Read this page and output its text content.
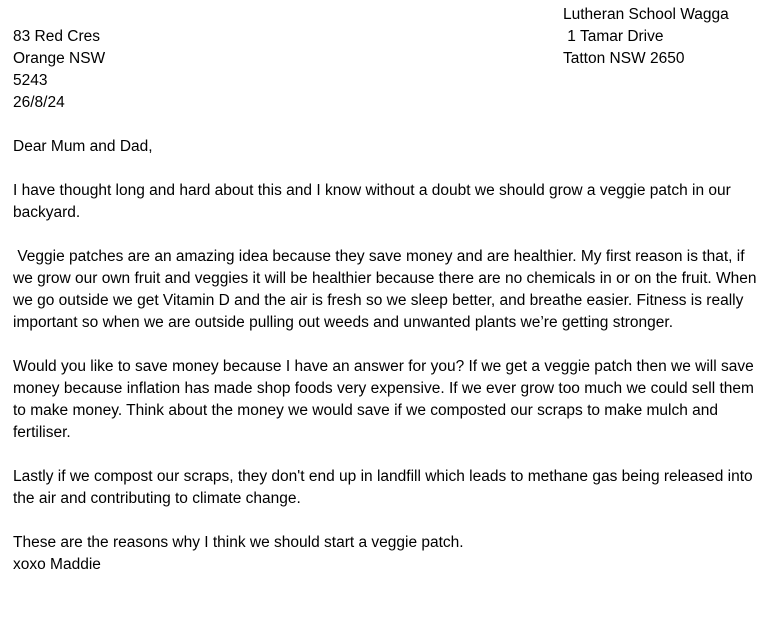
Lutheran School Wagga
1 Tamar Drive
Tatton NSW 2650
83 Red Cres
Orange NSW
5243
26/8/24

Dear Mum and Dad,

I have thought long and hard about this and I know without a doubt we should grow a veggie patch in our backyard.

Veggie patches are an amazing idea because they save money and are healthier. My first reason is that, if we grow our own fruit and veggies it will be healthier because there are no chemicals in or on the fruit. When we go outside we get Vitamin D and the air is fresh so we sleep better, and breathe easier. Fitness is really important so when we are outside pulling out weeds and unwanted plants we’re getting stronger.

Would you like to save money because I have an answer for you? If we get a veggie patch then we will save money because inflation has made shop foods very expensive. If we ever grow too much we could sell them to make money. Think about the money we would save if we composted our scraps to make mulch and fertiliser.

Lastly if we compost our scraps, they don't end up in landfill which leads to methane gas being released into the air and contributing to climate change.

These are the reasons why I think we should start a veggie patch.

xoxo Maddie
